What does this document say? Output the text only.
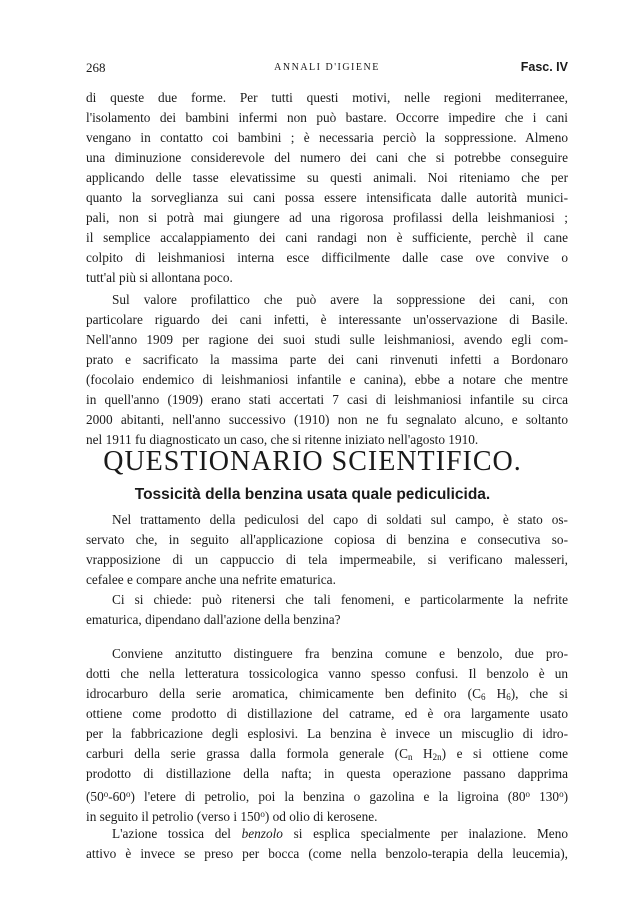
268	ANNALI D'IGIENE	Fasc. IV
di queste due forme. Per tutti questi motivi, nelle regioni mediterranee,
l'isolamento dei bambini infermi non può bastare. Occorre impedire che i cani
vengano in contatto coi bambini ; è necessaria perciò la soppressione. Almeno
una diminuzione considerevole del numero dei cani che si potrebbe conseguire
applicando delle tasse elevatissime su questi animali. Noi riteniamo che per
quanto la sorveglianza sui cani possa essere intensificata dalle autorità munici-
pali, non si potrà mai giungere ad una rigorosa profilassi della leishmaniosi ;
il semplice accalappiamento dei cani randagi non è sufficiente, perchè il cane
colpito di leishmaniosi interna esce difficilmente dalle case ove convive o
tutt'al più si allontana poco.
Sul valore profilattico che può avere la soppressione dei cani, con
particolare riguardo dei cani infetti, è interessante un'osservazione di Basile.
Nell'anno 1909 per ragione dei suoi studi sulle leishmaniosi, avendo egli com-
prato e sacrificato la massima parte dei cani rinvenuti infetti a Bordonaro
(focolaio endemico di leishmaniosi infantile e canina), ebbe a notare che mentre
in quell'anno (1909) erano stati accertati 7 casi di leishmaniosi infantile su circa
2000 abitanti, nell'anno successivo (1910) non ne fu segnalato alcuno, e soltanto
nel 1911 fu diagnosticato un caso, che si ritenne iniziato nell'agosto 1910.
QUESTIONARIO SCIENTIFICO.
Tossicità della benzina usata quale pediculicida.
Nel trattamento della pediculosi del capo di soldati sul campo, è stato os-
servato che, in seguito all'applicazione copiosa di benzina e consecutiva so-
vrapposizione di un cappuccio di tela impermeabile, si verificano malesseri,
cefalee e compare anche una nefrite ematurica.
Ci si chiede: può ritenersi che tali fenomeni, e particolarmente la nefrite
ematurica, dipendano dall'azione della benzina?
Conviene anzitutto distinguere fra benzina comune e benzolo, due pro-
dotti che nella letteratura tossicologica vanno spesso confusi. Il benzolo è un
idrocarburo della serie aromatica, chimicamente ben definito ($C_6$ $H_6$), che si
ottiene come prodotto di distillazione del catrame, ed è ora largamente usato
per la fabbricazione degli esplosivi. La benzina è invece un miscuglio di idro-
carburi della serie grassa dalla formola generale ($C_n$ $H_{2n}$) e si ottiene come
prodotto di distillazione della nafta; in questa operazione passano dapprima
(50$^o$-60$^o$) l'etere di petrolio, poi la benzina o gazolina e la ligroina (80$^o$ 130$^o$)
in seguito il petrolio (verso i 150$^o$) od olio di kerosene.
L'azione tossica del benzolo si esplica specialmente per inalazione. Meno
attivo è invece se preso per bocca (come nella benzolo-terapia della leucemia),
